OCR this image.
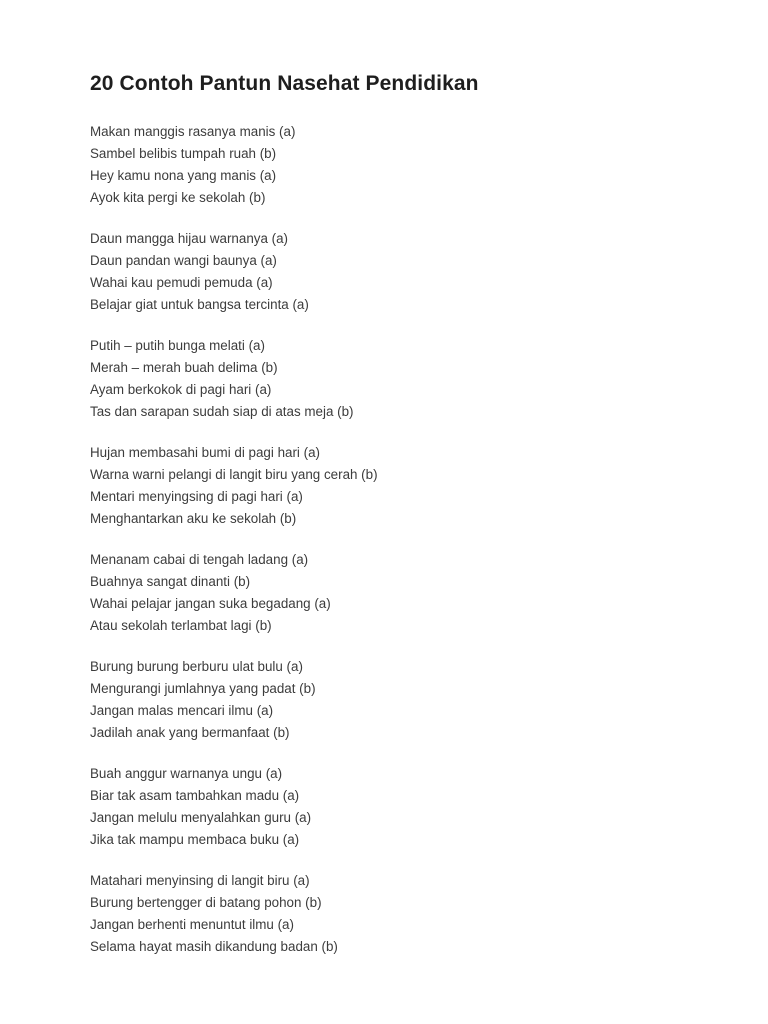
20 Contoh Pantun Nasehat Pendidikan
Makan manggis rasanya manis (a)
Sambel belibis tumpah ruah (b)
Hey kamu nona yang manis (a)
Ayok kita pergi ke sekolah (b)
Daun mangga hijau warnanya (a)
Daun pandan wangi baunya (a)
Wahai kau pemudi pemuda (a)
Belajar giat untuk bangsa tercinta (a)
Putih – putih bunga melati (a)
Merah – merah buah delima (b)
Ayam berkokok di pagi hari (a)
Tas dan sarapan sudah siap di atas meja (b)
Hujan membasahi bumi di pagi hari (a)
Warna warni pelangi di langit biru yang cerah (b)
Mentari menyingsing di pagi hari (a)
Menghantarkan aku ke sekolah (b)
Menanam cabai di tengah ladang (a)
Buahnya sangat dinanti (b)
Wahai pelajar jangan suka begadang (a)
Atau sekolah terlambat lagi (b)
Burung burung berburu ulat bulu (a)
Mengurangi jumlahnya yang padat (b)
Jangan malas mencari ilmu (a)
Jadilah anak yang bermanfaat (b)
Buah anggur warnanya ungu (a)
Biar tak asam tambahkan madu (a)
Jangan melulu menyalahkan guru (a)
Jika tak mampu membaca buku (a)
Matahari menyinsing di langit biru (a)
Burung bertengger di batang pohon (b)
Jangan berhenti menuntut ilmu (a)
Selama hayat masih dikandung badan (b)
